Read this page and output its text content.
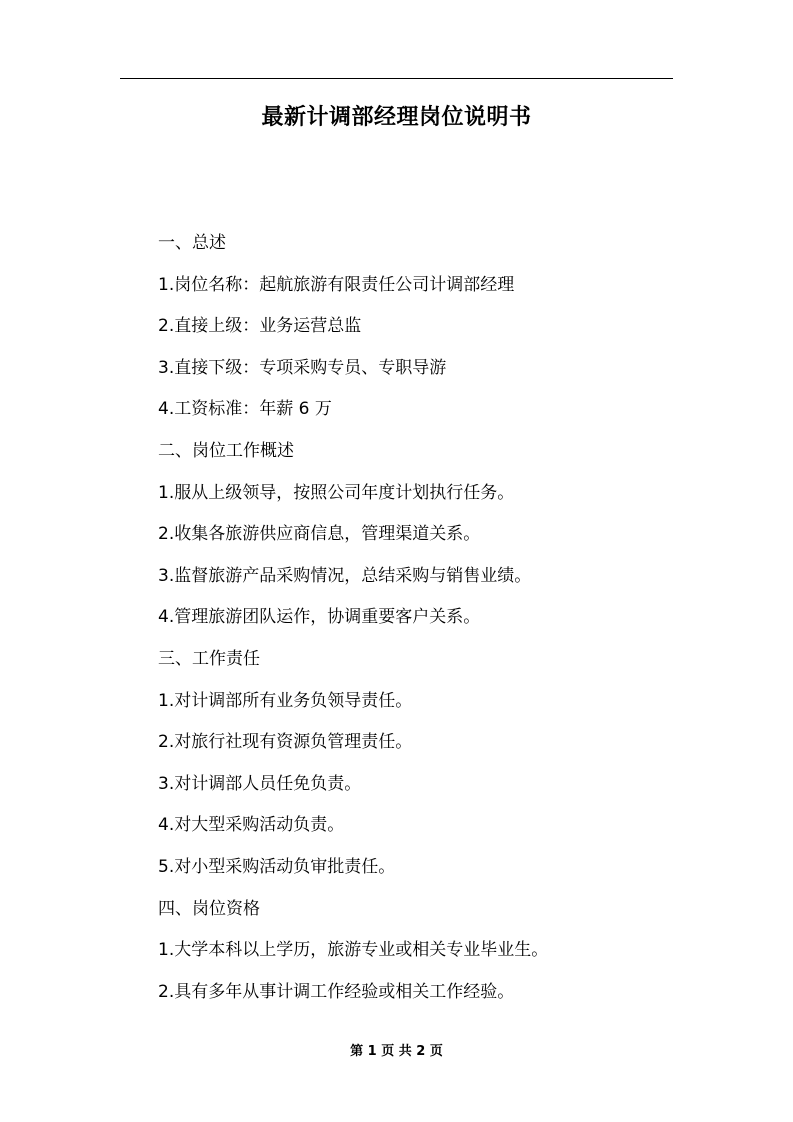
最新计调部经理岗位说明书
一、总述
1.岗位名称：起航旅游有限责任公司计调部经理
2.直接上级：业务运营总监
3.直接下级：专项采购专员、专职导游
4.工资标准：年薪 6 万
二、岗位工作概述
1.服从上级领导，按照公司年度计划执行任务。
2.收集各旅游供应商信息，管理渠道关系。
3.监督旅游产品采购情况，总结采购与销售业绩。
4.管理旅游团队运作，协调重要客户关系。
三、工作责任
1.对计调部所有业务负领导责任。
2.对旅行社现有资源负管理责任。
3.对计调部人员任免负责。
4.对大型采购活动负责。
5.对小型采购活动负审批责任。
四、岗位资格
1.大学本科以上学历，旅游专业或相关专业毕业生。
2.具有多年从事计调工作经验或相关工作经验。
第 1 页 共 2 页
